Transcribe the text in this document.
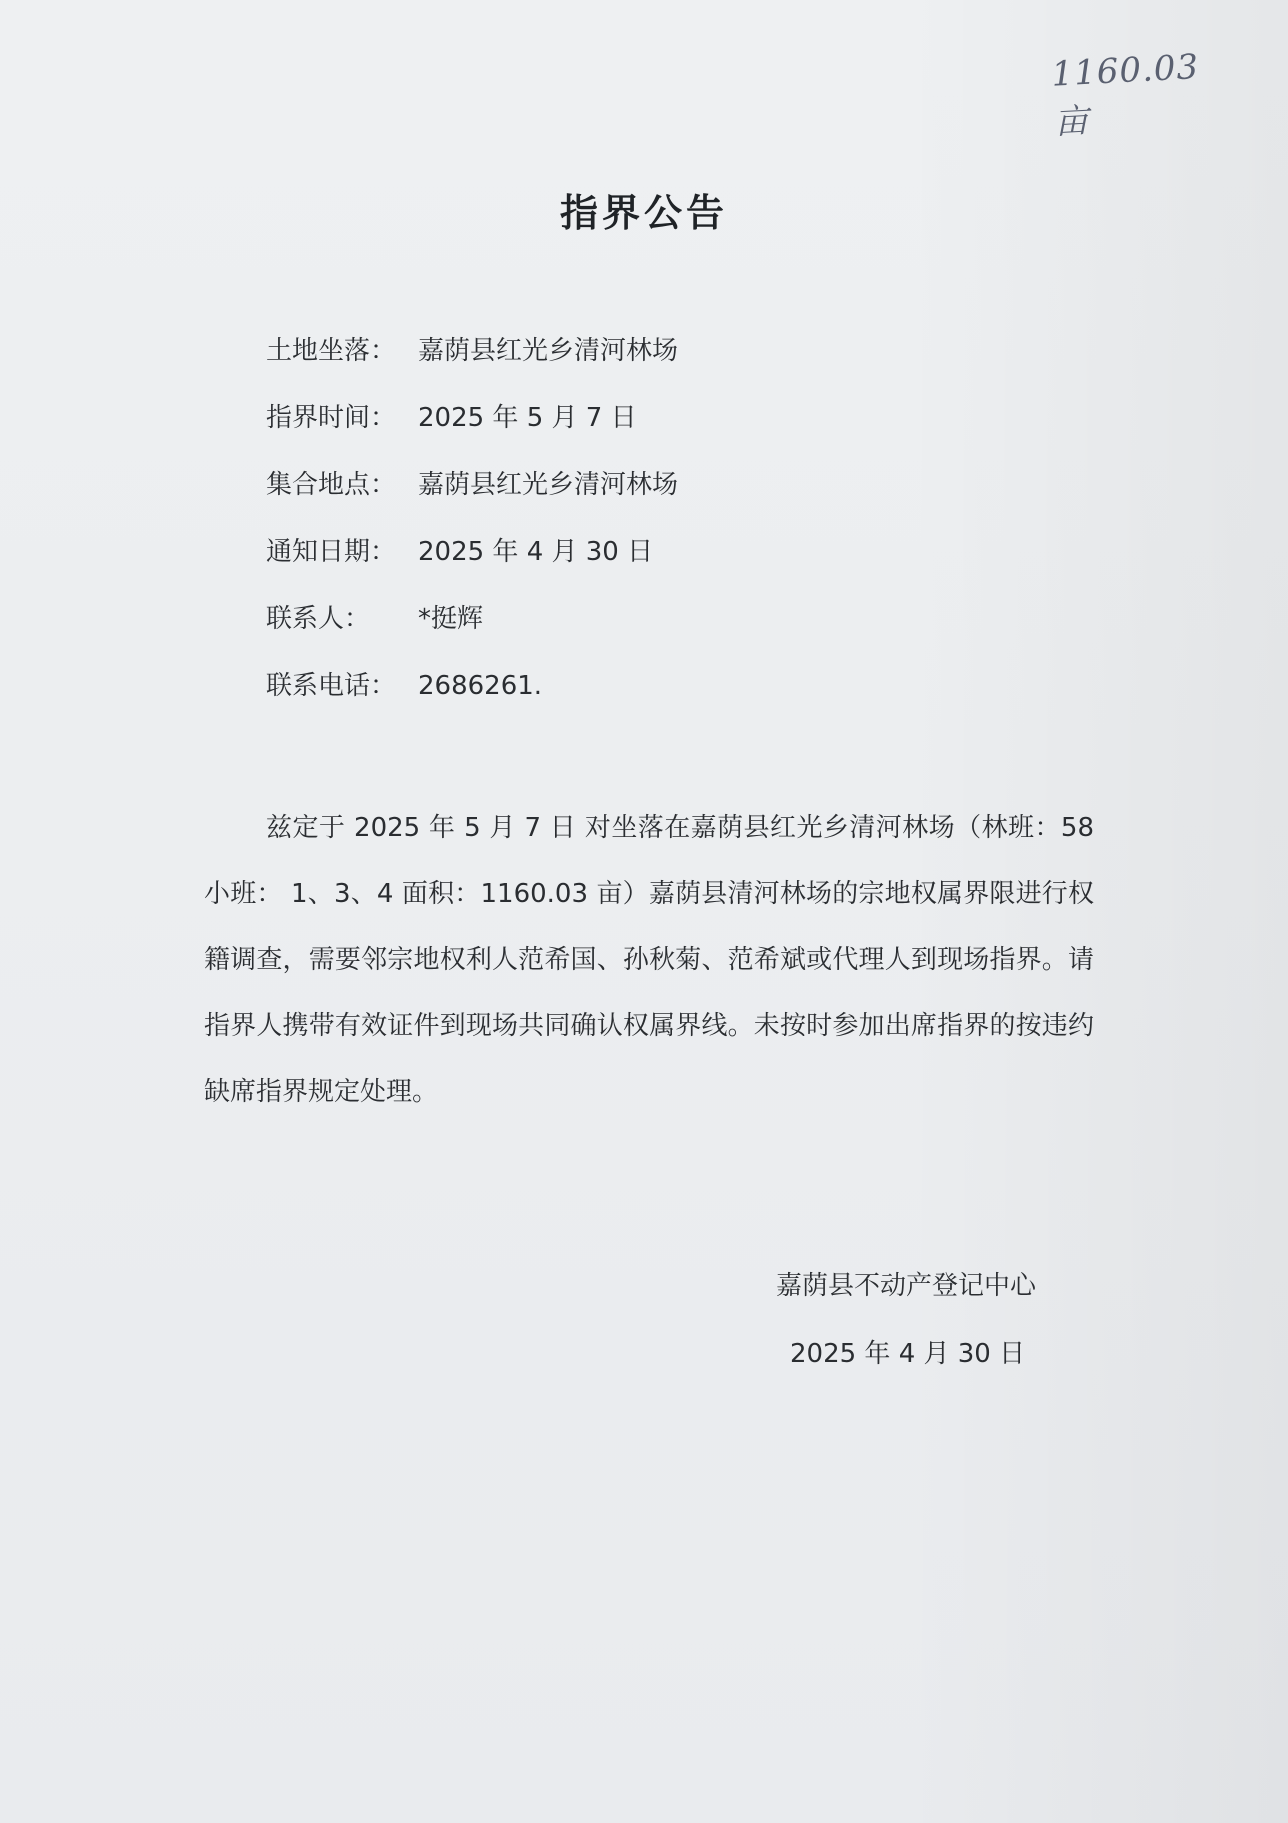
1160.03亩
指界公告
土地坐落： 嘉荫县红光乡清河林场
指界时间： 2025 年 5 月 7 日
集合地点： 嘉荫县红光乡清河林场
通知日期： 2025 年 4 月 30 日
联系人： *挺辉
联系电话： 2686261.
兹定于 2025 年 5 月 7 日 对坐落在嘉荫县红光乡清河林场（林班：58 小班： 1、3、4 面积：1160.03 亩）嘉荫县清河林场的宗地权属界限进行权籍调查，需要邻宗地权利人范希国、孙秋菊、范希斌或代理人到现场指界。请指界人携带有效证件到现场共同确认权属界线。未按时参加出席指界的按违约缺席指界规定处理。
嘉荫县不动产登记中心
2025 年 4 月 30 日
